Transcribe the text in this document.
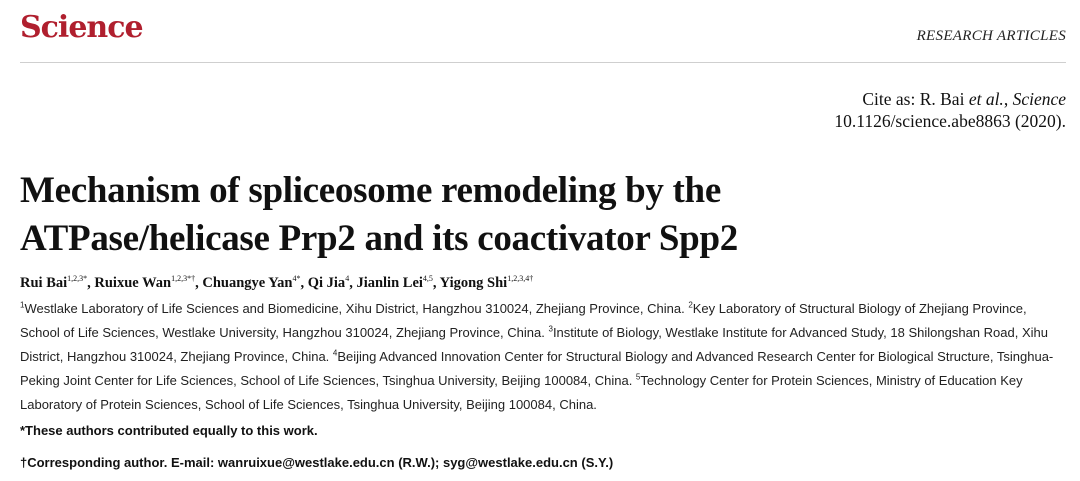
Science	RESEARCH ARTICLES
Cite as: R. Bai et al., Science
10.1126/science.abe8863 (2020).
Mechanism of spliceosome remodeling by the
ATPase/helicase Prp2 and its coactivator Spp2
Rui Bai$^{1,2,3*}$, Ruixue Wan$^{1,2,3*\dagger}$, Chuangye Yan$^{4*}$, Qi Jia$^4$, Jianlin Lei$^{4,5}$, Yigong Shi$^{1,2,3,4\dagger}$
$^1$Westlake Laboratory of Life Sciences and Biomedicine, Xihu District, Hangzhou 310024, Zhejiang Province, China. $^2$Key Laboratory of Structural Biology of Zhejiang Province, School of Life Sciences, Westlake University, Hangzhou 310024, Zhejiang Province, China. $^3$Institute of Biology, Westlake Institute for Advanced Study, 18 Shilongshan Road, Xihu District, Hangzhou 310024, Zhejiang Province, China. $^4$Beijing Advanced Innovation Center for Structural Biology and Advanced Research Center for Biological Structure, Tsinghua-Peking Joint Center for Life Sciences, School of Life Sciences, Tsinghua University, Beijing 100084, China. $^5$Technology Center for Protein Sciences, Ministry of Education Key Laboratory of Protein Sciences, School of Life Sciences, Tsinghua University, Beijing 100084, China.
*These authors contributed equally to this work.
†Corresponding author. E-mail: wanruixue@westlake.edu.cn (R.W.); syg@westlake.edu.cn (S.Y.)
